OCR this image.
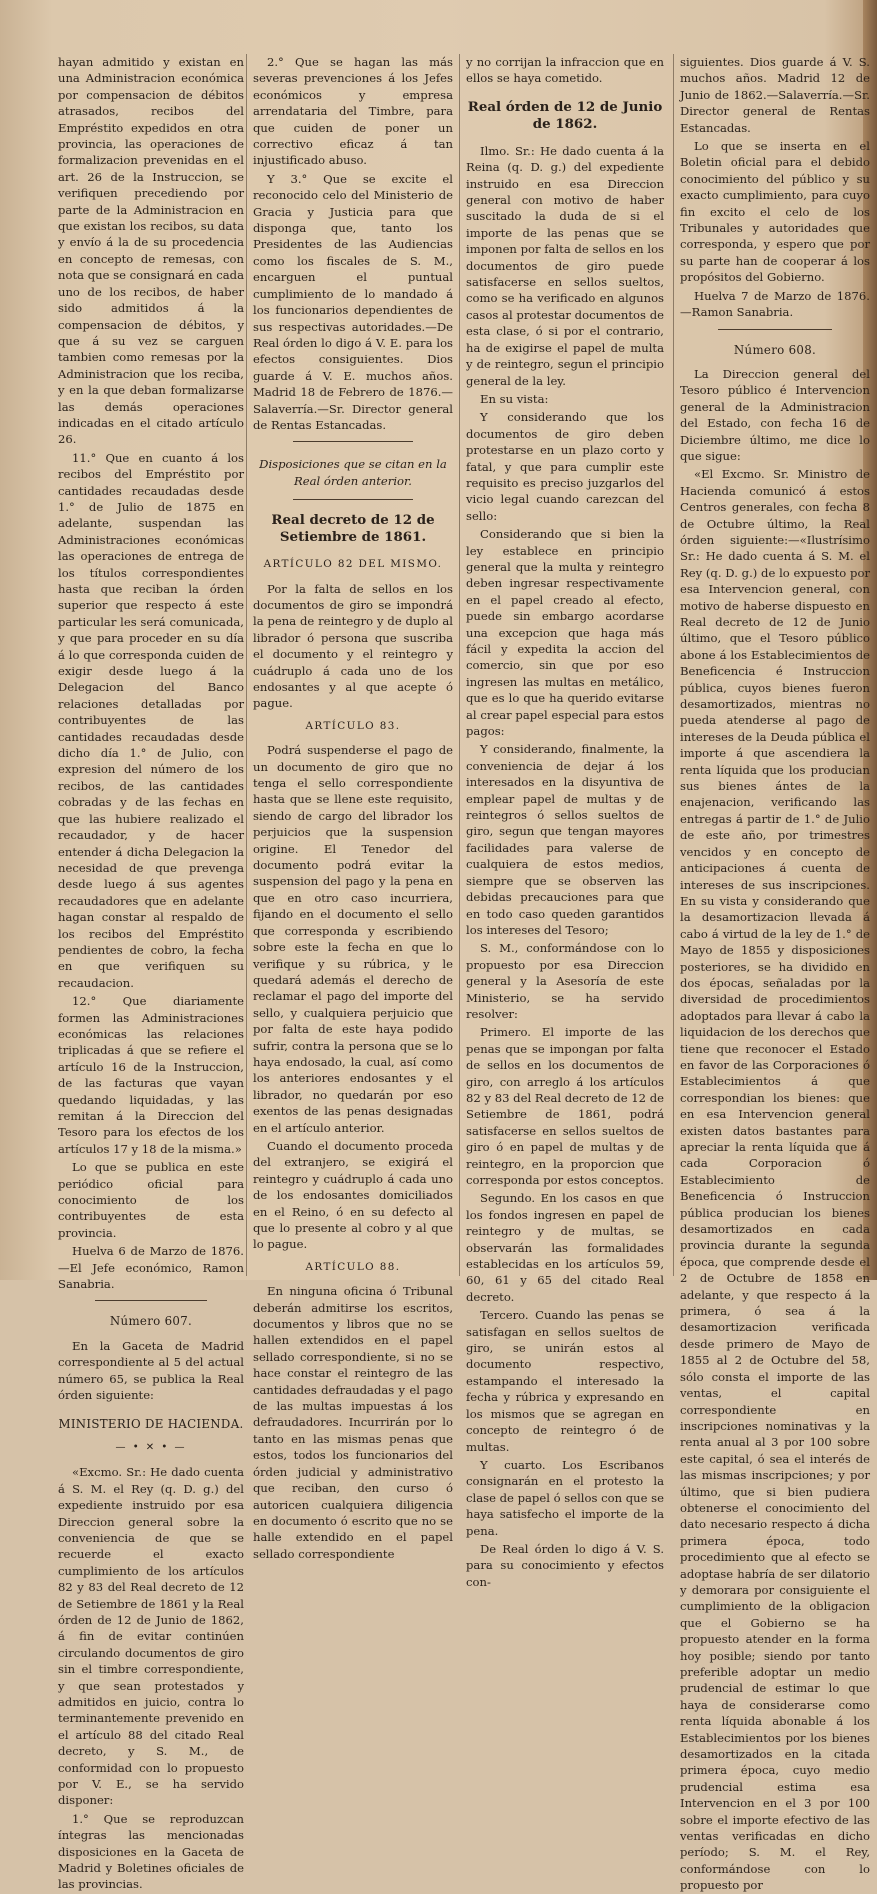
hayan admitido y existan en una Administracion económica por compensacion de débitos atrasados, recibos del Empréstito expedidos en otra provincia, las operaciones de formalizacion prevenidas en el art. 26 de la Instruccion, se verifiquen precediendo por parte de la Administracion en que existan los recibos, su data y envío á la de su procedencia en concepto de remesas, con nota que se consignará en cada uno de los recibos, de haber sido admitidos á la compensacion de débitos, y que á su vez se carguen tambien como remesas por la Administracion que los reciba, y en la que deban formalizarse las demás operaciones indicadas en el citado artículo 26.

11.° Que en cuanto á los recibos del Empréstito por cantidades recaudadas desde 1.° de Julio de 1875 en adelante, suspendan las Administraciones económicas las operaciones de entrega de los títulos correspondientes hasta que reciban la órden superior que respecto á este particular les será comunicada, y que para proceder en su día á lo que corresponda cuiden de exigir desde luego á la Delegacion del Banco relaciones detalladas por contribuyentes de las cantidades recaudadas desde dicho día 1.° de Julio, con expresion del número de los recibos, de las cantidades cobradas y de las fechas en que las hubiere realizado el recaudador, y de hacer entender á dicha Delegacion la necesidad de que prevenga desde luego á sus agentes recaudadores que en adelante hagan constar al respaldo de los recibos del Empréstito pendientes de cobro, la fecha en que verifiquen su recaudacion.

12.° Que diariamente formen las Administraciones económicas las relaciones triplicadas á que se refiere el artículo 16 de la Instruccion, de las facturas que vayan quedando liquidadas, y las remitan á la Direccion del Tesoro para los efectos de los artículos 17 y 18 de la misma.»

Lo que se publica en este periódico oficial para conocimiento de los contribuyentes de esta provincia.

Huelva 6 de Marzo de 1876.—El Jefe económico, Ramon Sanabria.

Número 607.

En la Gaceta de Madrid correspondiente al 5 del actual número 65, se publica la Real órden siguiente:

MINISTERIO DE HACIENDA.
— • ✕ • —

«Excmo. Sr.: He dado cuenta á S. M. el Rey (q. D. g.) del expediente instruido por esa Direccion general sobre la conveniencia de que se recuerde el exacto cumplimiento de los artículos 82 y 83 del Real decreto de 12 de Setiembre de 1861 y la Real órden de 12 de Junio de 1862, á fin de evitar continúen circulando documentos de giro sin el timbre correspondiente, y que sean protestados y admitidos en juicio, contra lo terminantemente prevenido en el artículo 88 del citado Real decreto, y S. M., de conformidad con lo propuesto por V. E., se ha servido disponer:

1.° Que se reproduzcan íntegras las mencionadas disposiciones en la Gaceta de Madrid y Boletines oficiales de las provincias.

2.° Que se hagan las más severas prevenciones á los Jefes económicos y empresa arrendataria del Timbre, para que cuiden de poner un correctivo eficaz á tan injustificado abuso.

Y 3.° Que se excite el reconocido celo del Ministerio de Gracia y Justicia para que disponga que, tanto los Presidentes de las Audiencias como los fiscales de S. M., encarguen el puntual cumplimiento de lo mandado á los funcionarios dependientes de sus respectivas autoridades.—De Real órden lo digo á V. E. para los efectos consiguientes. Dios guarde á V. E. muchos años. Madrid 18 de Febrero de 1876.—Salaverría.—Sr. Director general de Rentas Estancadas.

Disposiciones que se citan en la Real órden anterior.

Real decreto de 12 de Setiembre de 1861.
ARTÍCULO 82 DEL MISMO.

Por la falta de sellos en los documentos de giro se impondrá la pena de reintegro y de duplo al librador ó persona que suscriba el documento y el reintegro y cuádruplo á cada uno de los endosantes y al que acepte ó pague.

ARTÍCULO 83.

Podrá suspenderse el pago de un documento de giro que no tenga el sello correspondiente hasta que se llene este requisito, siendo de cargo del librador los perjuicios que la suspension origine. El Tenedor del documento podrá evitar la suspension del pago y la pena en que en otro caso incurriera, fijando en el documento el sello que corresponda y escribiendo sobre este la fecha en que lo verifique y su rúbrica, y le quedará además el derecho de reclamar el pago del importe del sello, y cualquiera perjuicio que por falta de este haya podido sufrir, contra la persona que se lo haya endosado, la cual, así como los anteriores endosantes y el librador, no quedarán por eso exentos de las penas designadas en el artículo anterior.

Cuando el documento proceda del extranjero, se exigirá el reintegro y cuádruplo á cada uno de los endosantes domiciliados en el Reino, ó en su defecto al que lo presente al cobro y al que lo pague.

ARTÍCULO 88.

En ninguna oficina ó Tribunal deberán admitirse los escritos, documentos y libros que no se hallen extendidos en el papel sellado correspondiente, si no se hace constar el reintegro de las cantidades defraudadas y el pago de las multas impuestas á los defraudadores. Incurrirán por lo tanto en las mismas penas que estos, todos los funcionarios del órden judicial y administrativo que reciban, den curso ó autoricen cualquiera diligencia en documento ó escrito que no se halle extendido en el papel sellado correspondiente

y no corrijan la infraccion que en ellos se haya cometido.

Real órden de 12 de Junio de 1862.

Ilmo. Sr.: He dado cuenta á la Reina (q. D. g.) del expediente instruido en esa Direccion general con motivo de haber suscitado la duda de si el importe de las penas que se imponen por falta de sellos en los documentos de giro puede satisfacerse en sellos sueltos, como se ha verificado en algunos casos al protestar documentos de esta clase, ó si por el contrario, ha de exigirse el papel de multa y de reintegro, segun el principio general de la ley.

En su vista:

Y considerando que los documentos de giro deben protestarse en un plazo corto y fatal, y que para cumplir este requisito es preciso juzgarlos del vicio legal cuando carezcan del sello:

Considerando que si bien la ley establece en principio general que la multa y reintegro deben ingresar respectivamente en el papel creado al efecto, puede sin embargo acordarse una excepcion que haga más fácil y expedita la accion del comercio, sin que por eso ingresen las multas en metálico, que es lo que ha querido evitarse al crear papel especial para estos pagos:

Y considerando, finalmente, la conveniencia de dejar á los interesados en la disyuntiva de emplear papel de multas y de reintegros ó sellos sueltos de giro, segun que tengan mayores facilidades para valerse de cualquiera de estos medios, siempre que se observen las debidas precauciones para que en todo caso queden garantidos los intereses del Tesoro;

S. M., conformándose con lo propuesto por esa Direccion general y la Asesoría de este Ministerio, se ha servido resolver:

Primero. El importe de las penas que se impongan por falta de sellos en los documentos de giro, con arreglo á los artículos 82 y 83 del Real decreto de 12 de Setiembre de 1861, podrá satisfacerse en sellos sueltos de giro ó en papel de multas y de reintegro, en la proporcion que corresponda por estos conceptos.

Segundo. En los casos en que los fondos ingresen en papel de reintegro y de multas, se observarán las formalidades establecidas en los artículos 59, 60, 61 y 65 del citado Real decreto.

Tercero. Cuando las penas se satisfagan en sellos sueltos de giro, se unirán estos al documento respectivo, estampando el interesado la fecha y rúbrica y expresando en los mismos que se agregan en concepto de reintegro ó de multas.

Y cuarto. Los Escribanos consignarán en el protesto la clase de papel ó sellos con que se haya satisfecho el importe de la pena.

De Real órden lo digo á V. S. para su conocimiento y efectos con-

siguientes. Dios guarde á V. S. muchos años. Madrid 12 de Junio de 1862.—Salaverría.—Sr. Director general de Rentas Estancadas.

Lo que se inserta en el Boletin oficial para el debido conocimiento del público y su exacto cumplimiento, para cuyo fin excito el celo de los Tribunales y autoridades que corresponda, y espero que por su parte han de cooperar á los propósitos del Gobierno.

Huelva 7 de Marzo de 1876.—Ramon Sanabria.

Número 608.

La Direccion general del Tesoro público é Intervencion general de la Administracion del Estado, con fecha 16 de Diciembre último, me dice lo que sigue:

«El Excmo. Sr. Ministro de Hacienda comunicó á estos Centros generales, con fecha 8 de Octubre último, la Real órden siguiente:—«Ilustrísimo Sr.: He dado cuenta á S. M. el Rey (q. D. g.) de lo expuesto por esa Intervencion general, con motivo de haberse dispuesto en Real decreto de 12 de Junio último, que el Tesoro público abone á los Establecimientos de Beneficencia é Instruccion pública, cuyos bienes fueron desamortizados, mientras no pueda atenderse al pago de intereses de la Deuda pública el importe á que ascendiera la renta líquida que los producian sus bienes ántes de la enajenacion, verificando las entregas á partir de 1.° de Julio de este año, por trimestres vencidos y en concepto de anticipaciones á cuenta de intereses de sus inscripciones. En su vista y considerando que la desamortizacion llevada á cabo á virtud de la ley de 1.° de Mayo de 1855 y disposiciones posteriores, se ha dividido en dos épocas, señaladas por la diversidad de procedimientos adoptados para llevar á cabo la liquidacion de los derechos que tiene que reconocer el Estado en favor de las Corporaciones ó Establecimientos á que correspondian los bienes: que en esa Intervencion general existen datos bastantes para apreciar la renta líquida que á cada Corporacion ó Establecimiento de Beneficencia ó Instruccion pública producian los bienes desamortizados en cada provincia durante la segunda época, que comprende desde el 2 de Octubre de 1858 en adelante, y que respecto á la primera, ó sea á la desamortizacion verificada desde primero de Mayo de 1855 al 2 de Octubre del 58, sólo consta el importe de las ventas, el capital correspondiente en inscripciones nominativas y la renta anual al 3 por 100 sobre este capital, ó sea el interés de las mismas inscripciones; y por último, que si bien pudiera obtenerse el conocimiento del dato necesario respecto á dicha primera época, todo procedimiento que al efecto se adoptase habría de ser dilatorio y demorara por consiguiente el cumplimiento de la obligacion que el Gobierno se ha propuesto atender en la forma hoy posible; siendo por tanto preferible adoptar un medio prudencial de estimar lo que haya de considerarse como renta líquida abonable á los Establecimientos por los bienes desamortizados en la citada primera época, cuyo medio prudencial estima esa Intervencion en el 3 por 100 sobre el importe efectivo de las ventas verificadas en dicho período; S. M. el Rey, conformándose con lo propuesto por
